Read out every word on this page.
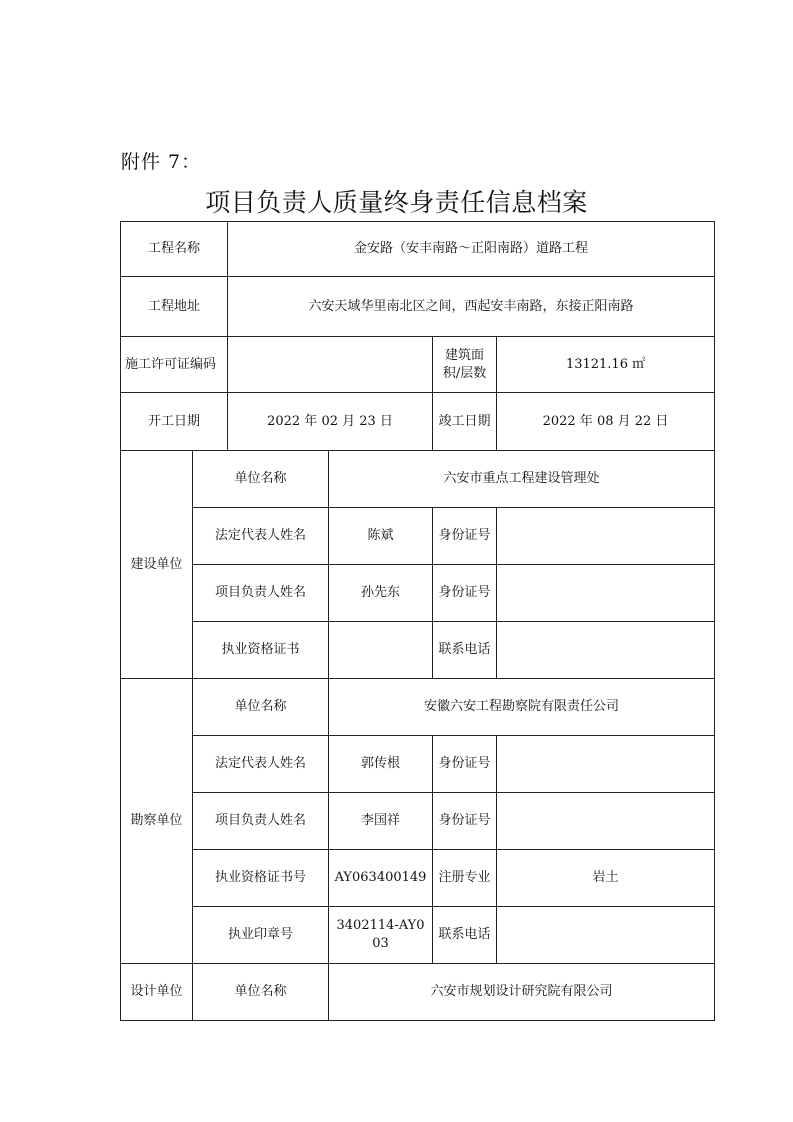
附件 7：
项目负责人质量终身责任信息档案
工程名称		金安路（安丰南路～正阳南路）道路工程			
工程地址		六安天域华里南北区之间，西起安丰南路，东接正阳南路			
施工许可证编码				建筑面积/层数	13121.16 ㎡
开工日期		2022 年 02 月 23 日		竣工日期	2022 年 08 月 22 日
建设单位	单位名称		六安市重点工程建设管理处		
	法定代表人姓名		陈斌	身份证号	
	项目负责人姓名		孙先东	身份证号	
	执业资格证书			联系电话	
勘察单位	单位名称		安徽六安工程勘察院有限责任公司		
	法定代表人姓名		郭传根	身份证号	
	项目负责人姓名		李国祥	身份证号	
	执业资格证书号		AY063400149	注册专业	岩土
	执业印章号		3402114-AY003	联系电话	
设计单位	单位名称		六安市规划设计研究院有限公司		
